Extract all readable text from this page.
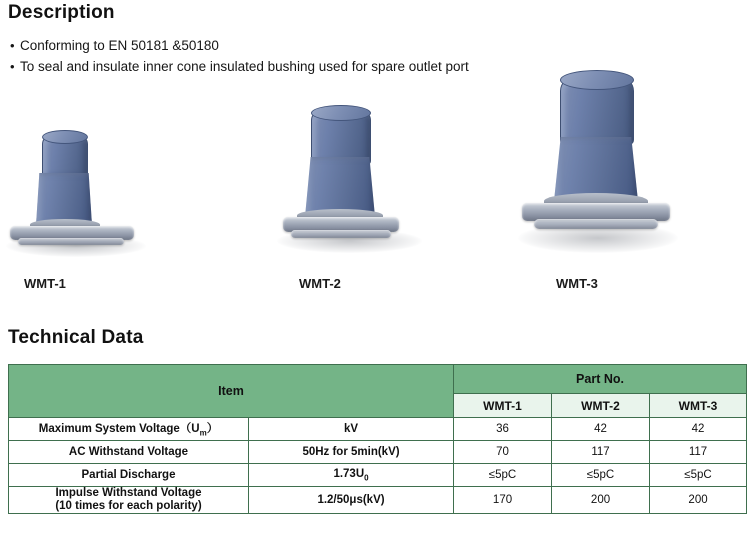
Description
• Conforming to EN 50181 &50180
• To seal and insulate inner cone insulated bushing used for spare outlet port
WMT-1	WMT-2	WMT-3
Technical Data
Item		Part No.		
		WMT-1	WMT-2	WMT-3
Maximum System $Voltage(U_m)$	kV	36	42	42
AC Withstand Voltage	50Hz for 5min(kV)	70	117	117
Partial Discharge	$1.73U_0$	≤5pC	≤5pC	≤5pC

Impulse Withstand Voltage
(10 times for each polarity)	1.2/50μs(kV)	170	200	200
